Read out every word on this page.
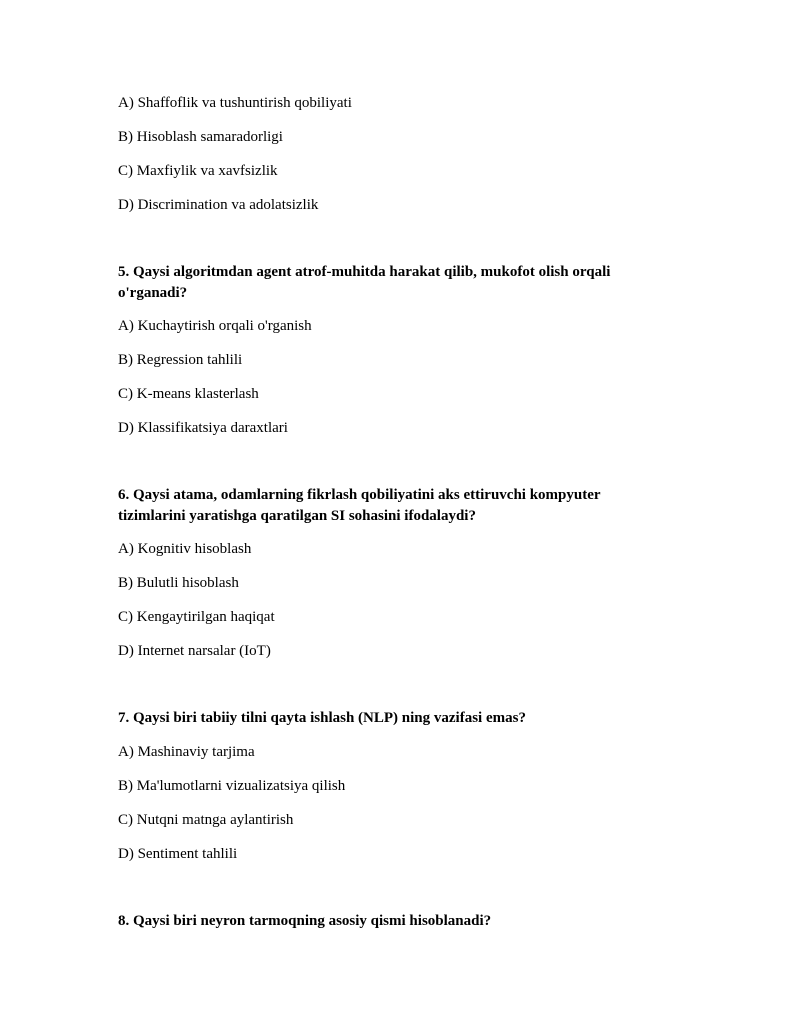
A) Shaffoflik va tushuntirish qobiliyati
B) Hisoblash samaradorligi
C) Maxfiylik va xavfsizlik
D) Discrimination va adolatsizlik
5. Qaysi algoritmdan agent atrof-muhitda harakat qilib, mukofot olish orqali
o'rganadi?
A) Kuchaytirish orqali o'rganish
B) Regression tahlili
C) K-means klasterlash
D) Klassifikatsiya daraxtlari
6. Qaysi atama, odamlarning fikrlash qobiliyatini aks ettiruvchi kompyuter
tizimlarini yaratishga qaratilgan SI sohasini ifodalaydi?
A) Kognitiv hisoblash
B) Bulutli hisoblash
C) Kengaytirilgan haqiqat
D) Internet narsalar (IoT)
7. Qaysi biri tabiiy tilni qayta ishlash (NLP) ning vazifasi emas?
A) Mashinaviy tarjima
B) Ma'lumotlarni vizualizatsiya qilish
C) Nutqni matnga aylantirish
D) Sentiment tahlili
8. Qaysi biri neyron tarmoqning asosiy qismi hisoblanadi?
